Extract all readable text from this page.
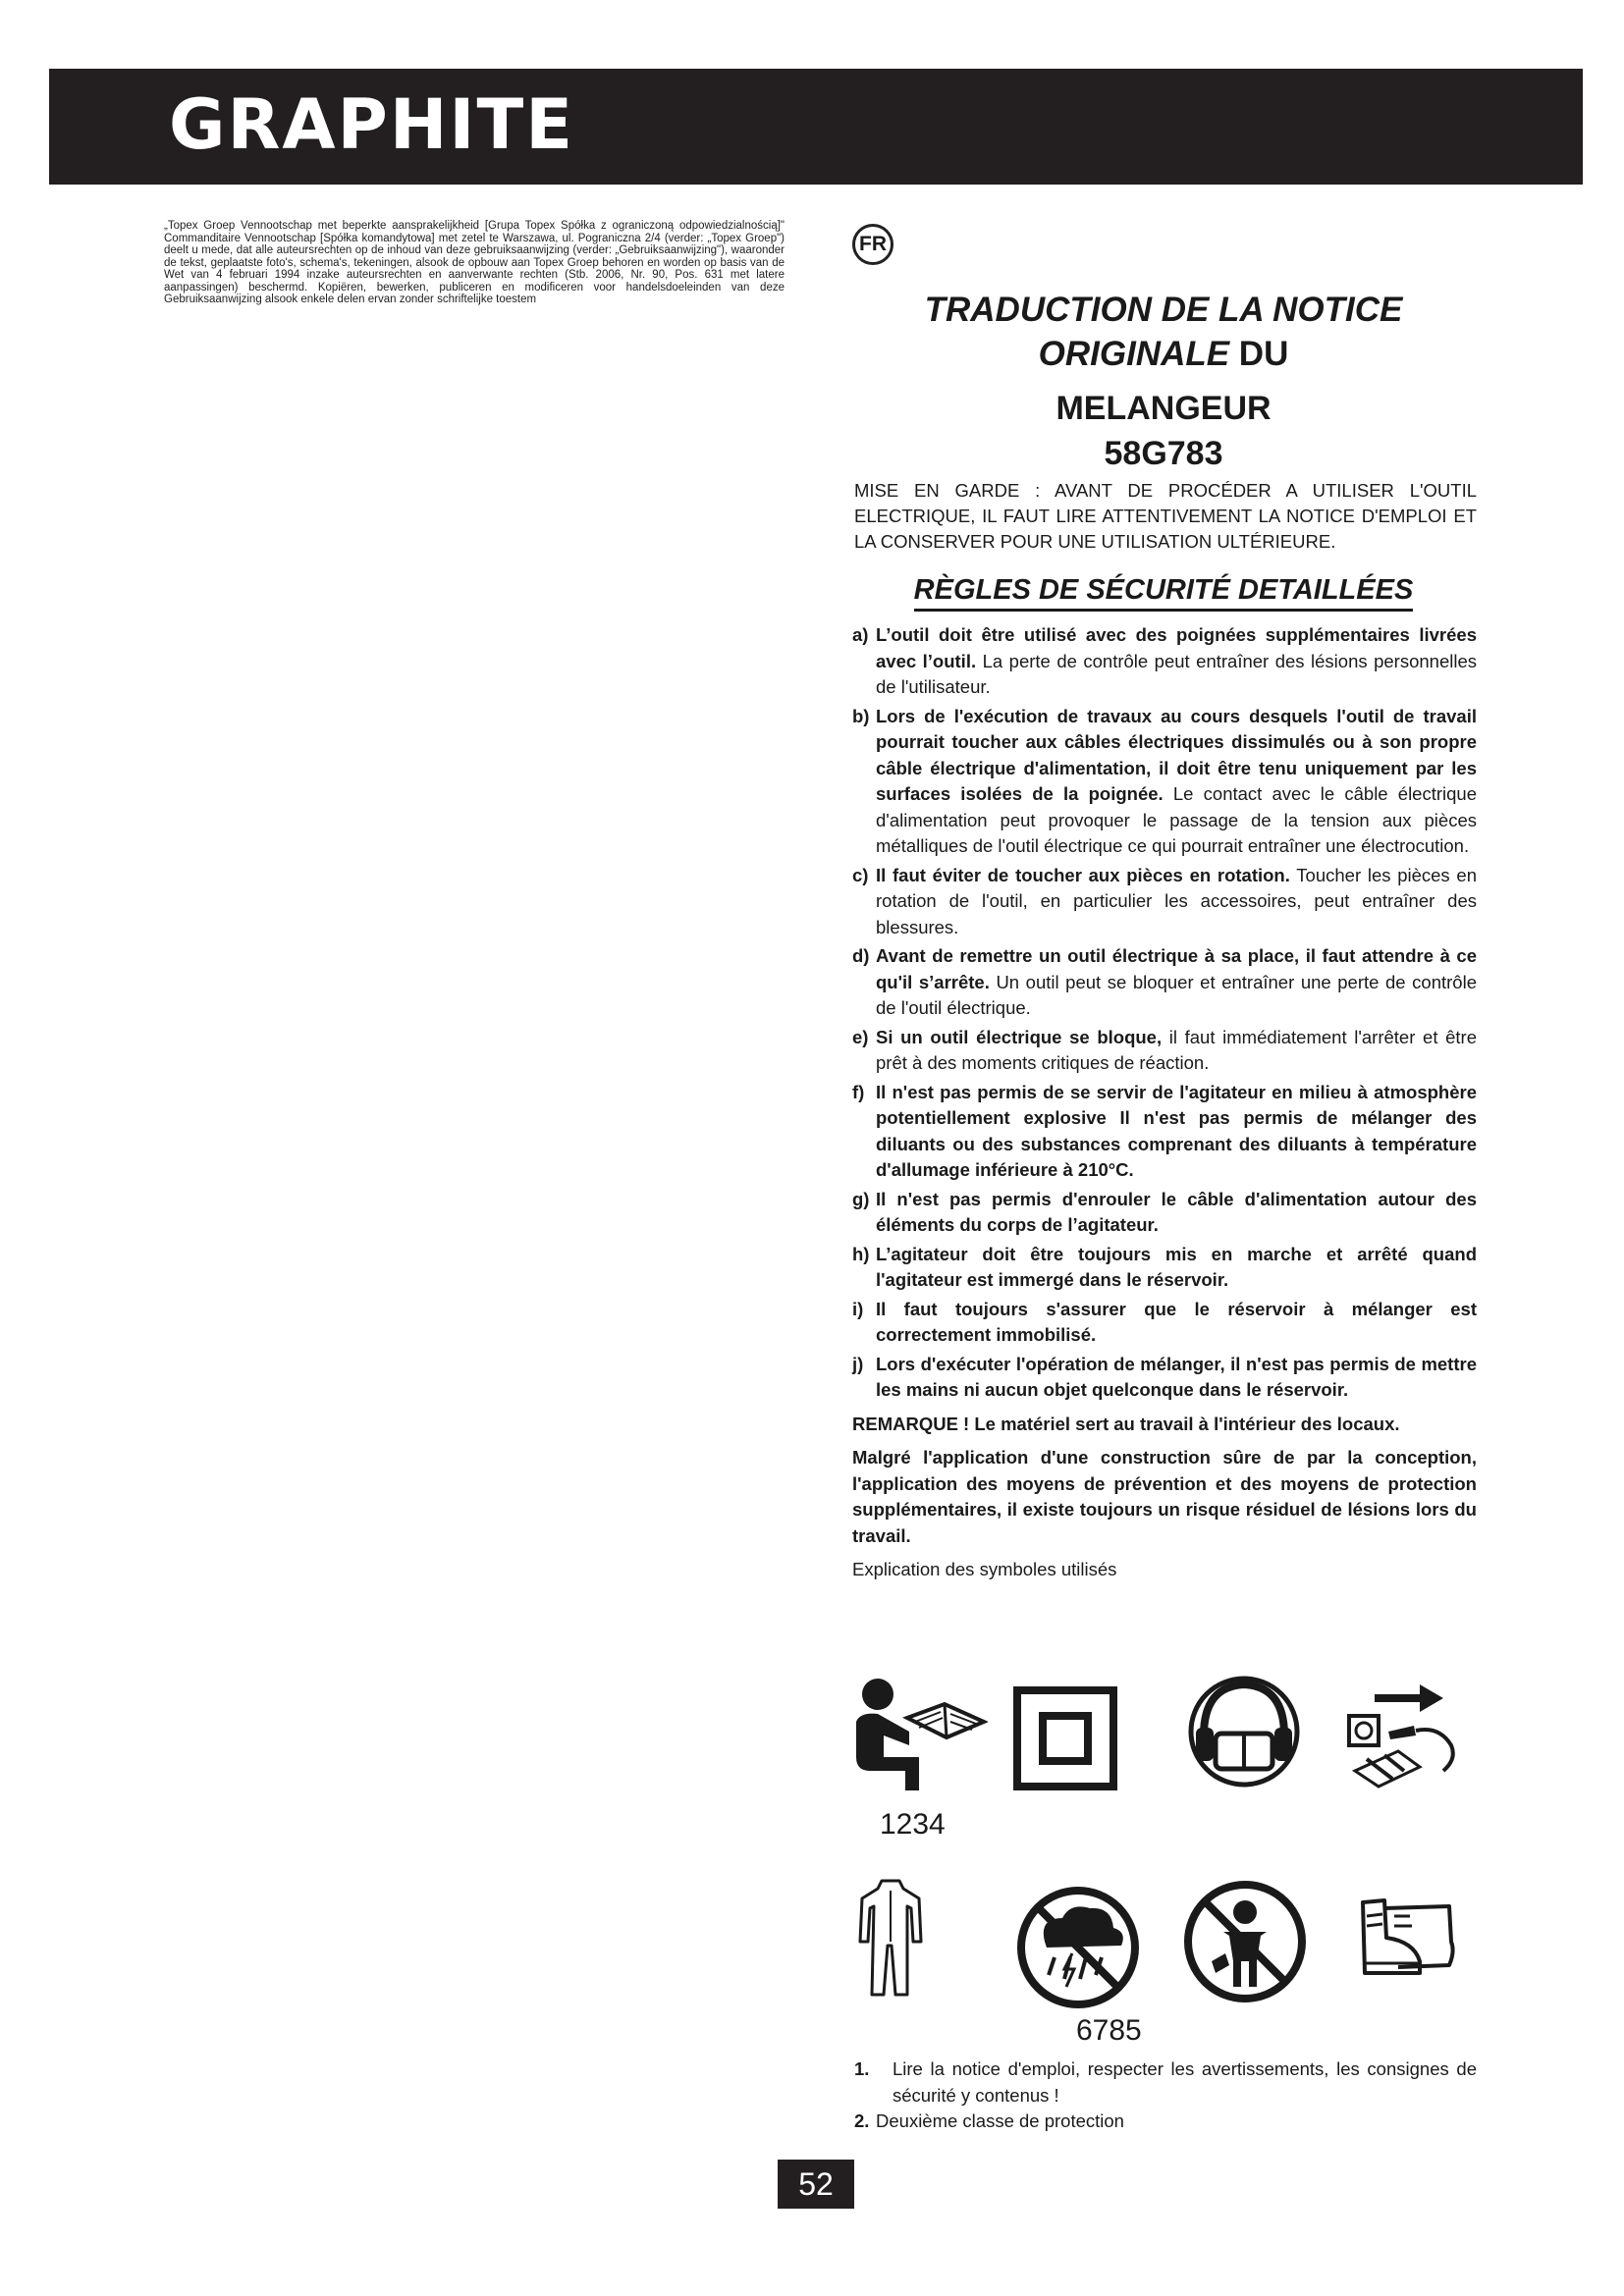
GRAPHITE
„Topex Groep Vennootschap met beperkte aansprakelijkheid [Grupa Topex Spółka z ograniczoną odpowiedzialnością]" Commanditaire Vennootschap [Spółka komandytowa] met zetel te Warszawa, ul. Pograniczna 2/4 (verder: „Topex Groep") deelt u mede, dat alle auteursrechten op de inhoud van deze gebruiksaanwijzing (verder: „Gebruiksaanwijzing"), waaronder de tekst, geplaatste foto's, schema's, tekeningen, alsook de opbouw aan Topex Groep behoren en worden op basis van de Wet van 4 februari 1994 inzake auteursrechten en aanverwante rechten (Stb. 2006, Nr. 90, Pos. 631 met latere aanpassingen) beschermd. Kopiëren, bewerken, publiceren en modificeren voor handelsdoeleinden van deze Gebruiksaanwijzing alsook enkele delen ervan zonder schriftelijke toestem
FR
TRADUCTION DE LA NOTICE
ORIGINALE DU
MELANGEUR
58G783
MISE EN GARDE : AVANT DE PROCÉDER A UTILISER L'OUTIL ELECTRIQUE, IL FAUT LIRE ATTENTIVEMENT LA NOTICE D'EMPLOI ET LA CONSERVER POUR UNE UTILISATION ULTÉRIEURE.
RÈGLES DE SÉCURITÉ DETAILLÉES
a) L’outil doit être utilisé avec des poignées supplémentaires livrées avec l’outil. La perte de contrôle peut entraîner des lésions personnelles de l'utilisateur.
b) Lors de l'exécution de travaux au cours desquels l'outil de travail pourrait toucher aux câbles électriques dissimulés ou à son propre câble électrique d'alimentation, il doit être tenu uniquement par les surfaces isolées de la poignée. Le contact avec le câble électrique d'alimentation peut provoquer le passage de la tension aux pièces métalliques de l'outil électrique ce qui pourrait entraîner une électrocution.
c) Il faut éviter de toucher aux pièces en rotation. Toucher les pièces en rotation de l'outil, en particulier les accessoires, peut entraîner des blessures.
d) Avant de remettre un outil électrique à sa place, il faut attendre à ce qu'il s’arrête. Un outil peut se bloquer et entraîner une perte de contrôle de l'outil électrique.
e) Si un outil électrique se bloque, il faut immédiatement l'arrêter et être prêt à des moments critiques de réaction.
f) Il n'est pas permis de se servir de l'agitateur en milieu à atmosphère potentiellement explosive Il n'est pas permis de mélanger des diluants ou des substances comprenant des diluants à température d'allumage inférieure à 210°C.
g) Il n'est pas permis d'enrouler le câble d'alimentation autour des éléments du corps de l’agitateur.
h) L’agitateur doit être toujours mis en marche et arrêté quand l'agitateur est immergé dans le réservoir.
i) Il faut toujours s'assurer que le réservoir à mélanger est correctement immobilisé.
j) Lors d'exécuter l'opération de mélanger, il n'est pas permis de mettre les mains ni aucun objet quelconque dans le réservoir.
REMARQUE ! Le matériel sert au travail à l'intérieur des locaux.
Malgré l'application d'une construction sûre de par la conception, l'application des moyens de prévention et des moyens de protection supplémentaires, il existe toujours un risque résiduel de lésions lors du travail.
Explication des symboles utilisés
1234
6785
1. Lire la notice d'emploi, respecter les avertissements, les consignes de sécurité y contenus !
2. Deuxième classe de protection
52
